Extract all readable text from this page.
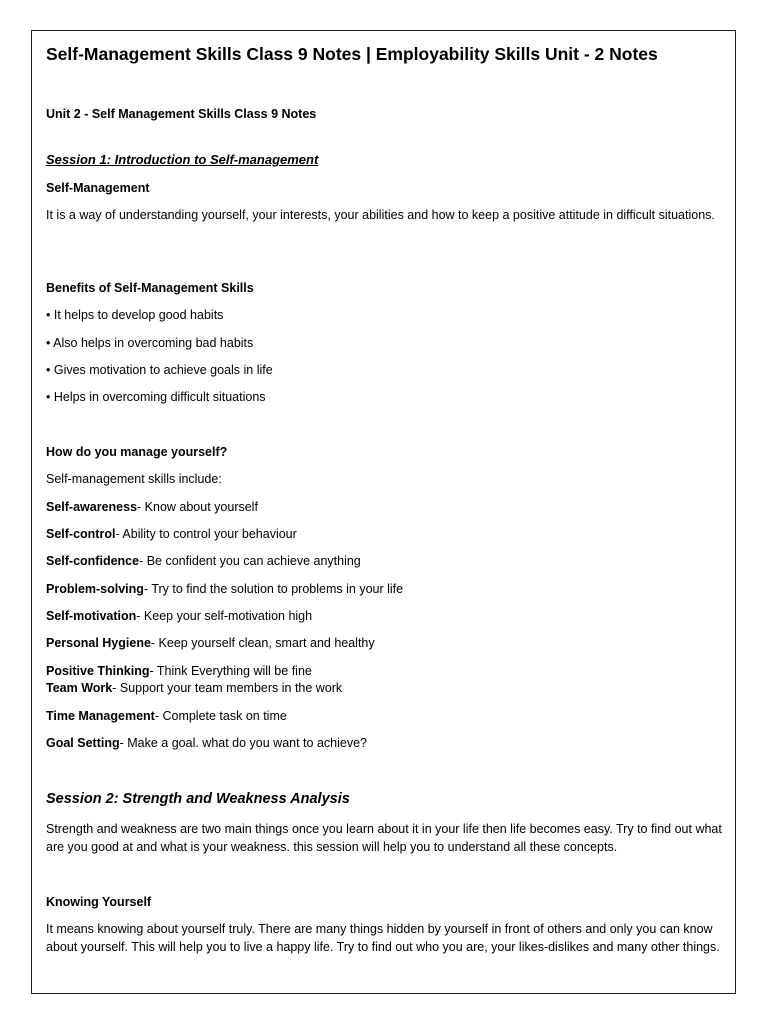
Self-Management Skills Class 9 Notes | Employability Skills Unit - 2 Notes
Unit 2 - Self Management Skills Class 9 Notes
Session 1: Introduction to Self-management
Self-Management
It is a way of understanding yourself, your interests, your abilities and how to keep a positive attitude in difficult situations.
Benefits of Self-Management Skills
• It helps to develop good habits
• Also helps in overcoming bad habits
• Gives motivation to achieve goals in life
• Helps in overcoming difficult situations
How do you manage yourself?
Self-management skills include:
Self-awareness- Know about yourself
Self-control- Ability to control your behaviour
Self-confidence- Be confident you can achieve anything
Problem-solving- Try to find the solution to problems in your life
Self-motivation- Keep your self-motivation high
Personal Hygiene- Keep yourself clean, smart and healthy
Positive Thinking- Think Everything will be fine
Team Work- Support your team members in the work
Time Management- Complete task on time
Goal Setting- Make a goal. what do you want to achieve?
Session 2: Strength and Weakness Analysis
Strength and weakness are two main things once you learn about it in your life then life becomes easy. Try to find out what are you good at and what is your weakness. this session will help you to understand all these concepts.
Knowing Yourself
It means knowing about yourself truly. There are many things hidden by yourself in front of others and only you can know about yourself. This will help you to live a happy life. Try to find out who you are, your likes-dislikes and many other things.
